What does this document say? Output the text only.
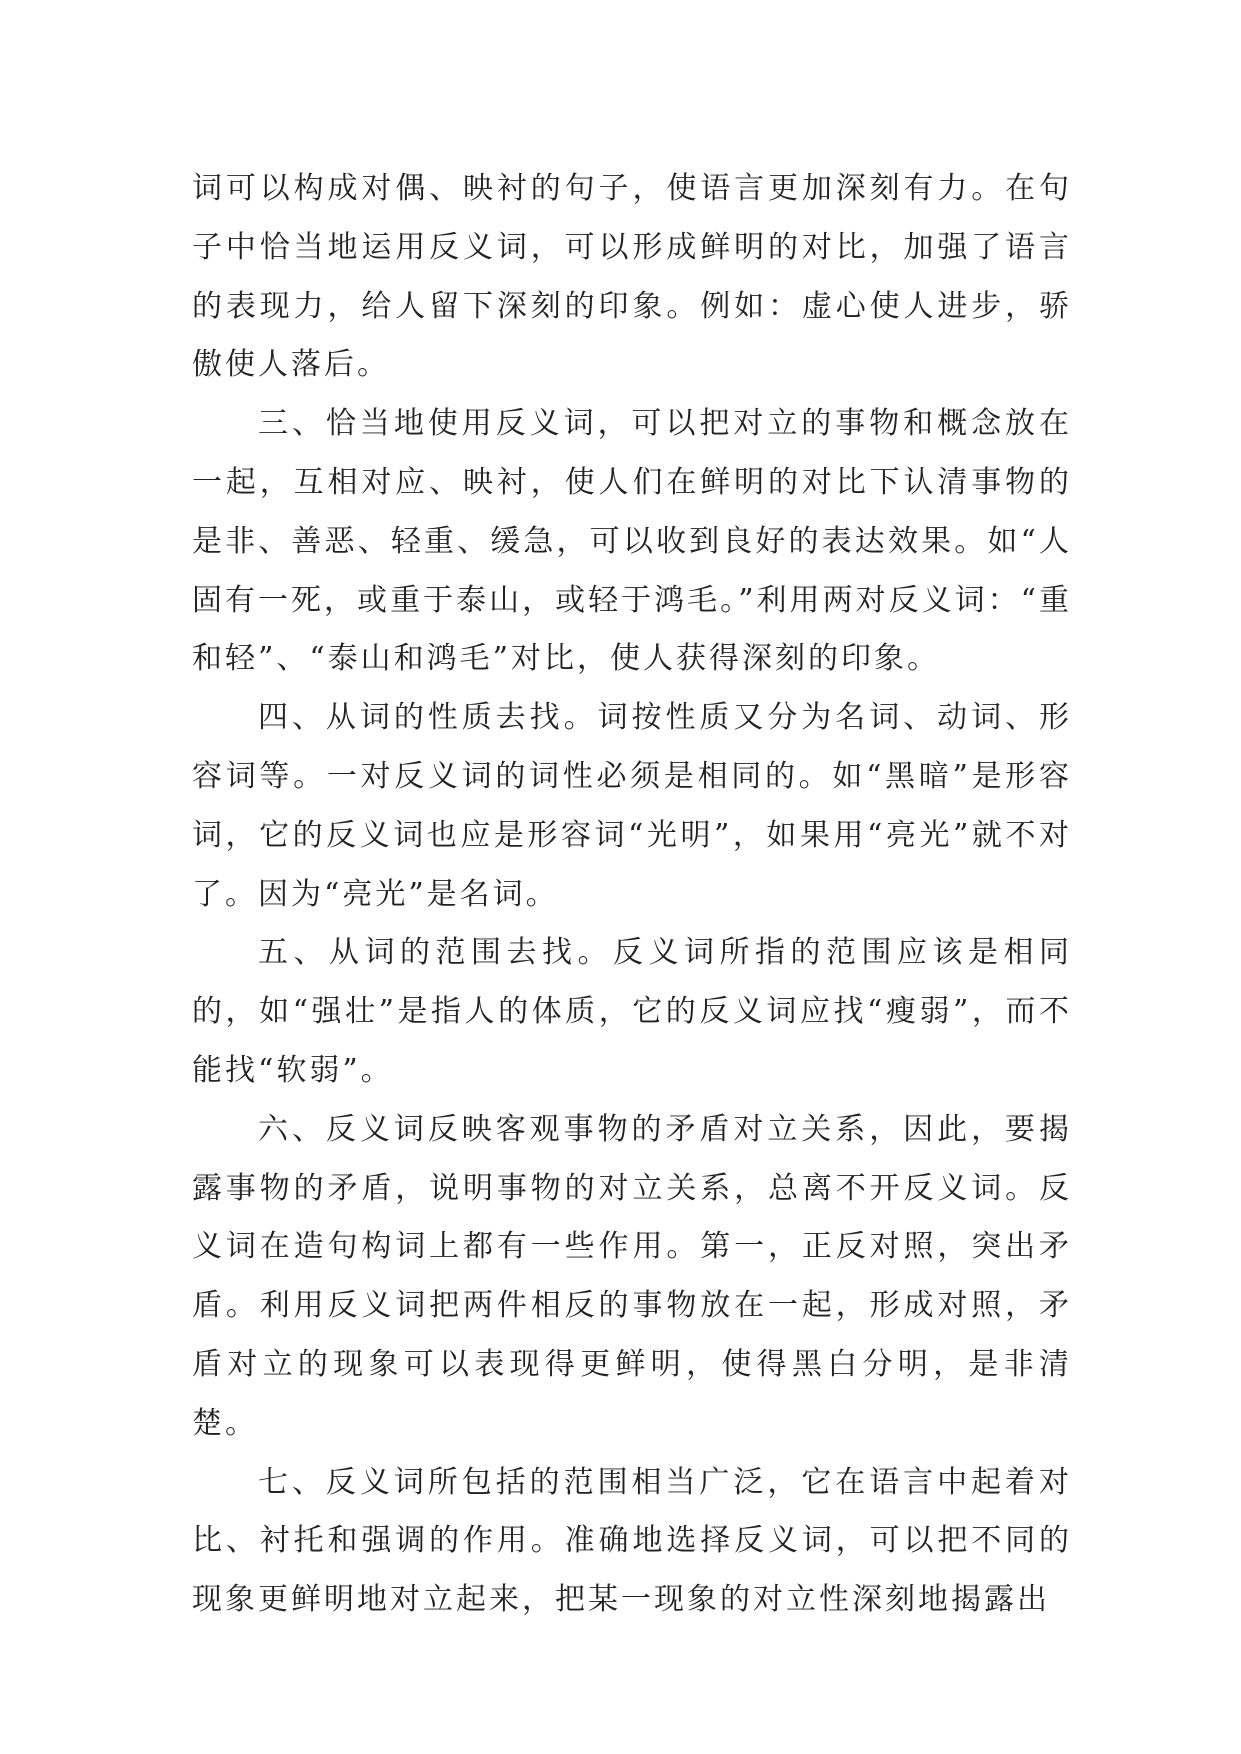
词可以构成对偶、映衬的句子，使语言更加深刻有力。在句子中恰当地运用反义词，可以形成鲜明的对比，加强了语言的表现力，给人留下深刻的印象。例如：虚心使人进步，骄傲使人落后。

三、恰当地使用反义词，可以把对立的事物和概念放在一起，互相对应、映衬，使人们在鲜明的对比下认清事物的是非、善恶、轻重、缓急，可以收到良好的表达效果。如“人固有一死，或重于泰山，或轻于鸿毛。”利用两对反义词：“重和轻”、“泰山和鸿毛”对比，使人获得深刻的印象。

四、从词的性质去找。词按性质又分为名词、动词、形容词等。一对反义词的词性必须是相同的。如“黑暗”是形容词，它的反义词也应是形容词“光明”，如果用“亮光”就不对了。因为“亮光”是名词。

五、从词的范围去找。反义词所指的范围应该是相同的，如“强壮”是指人的体质，它的反义词应找“瘦弱”，而不能找“软弱”。

六、反义词反映客观事物的矛盾对立关系，因此，要揭露事物的矛盾，说明事物的对立关系，总离不开反义词。反义词在造句构词上都有一些作用。第一，正反对照，突出矛盾。利用反义词把两件相反的事物放在一起，形成对照，矛盾对立的现象可以表现得更鲜明，使得黑白分明，是非清楚。

七、反义词所包括的范围相当广泛，它在语言中起着对比、衬托和强调的作用。准确地选择反义词，可以把不同的现象更鲜明地对立起来，把某一现象的对立性深刻地揭露出
